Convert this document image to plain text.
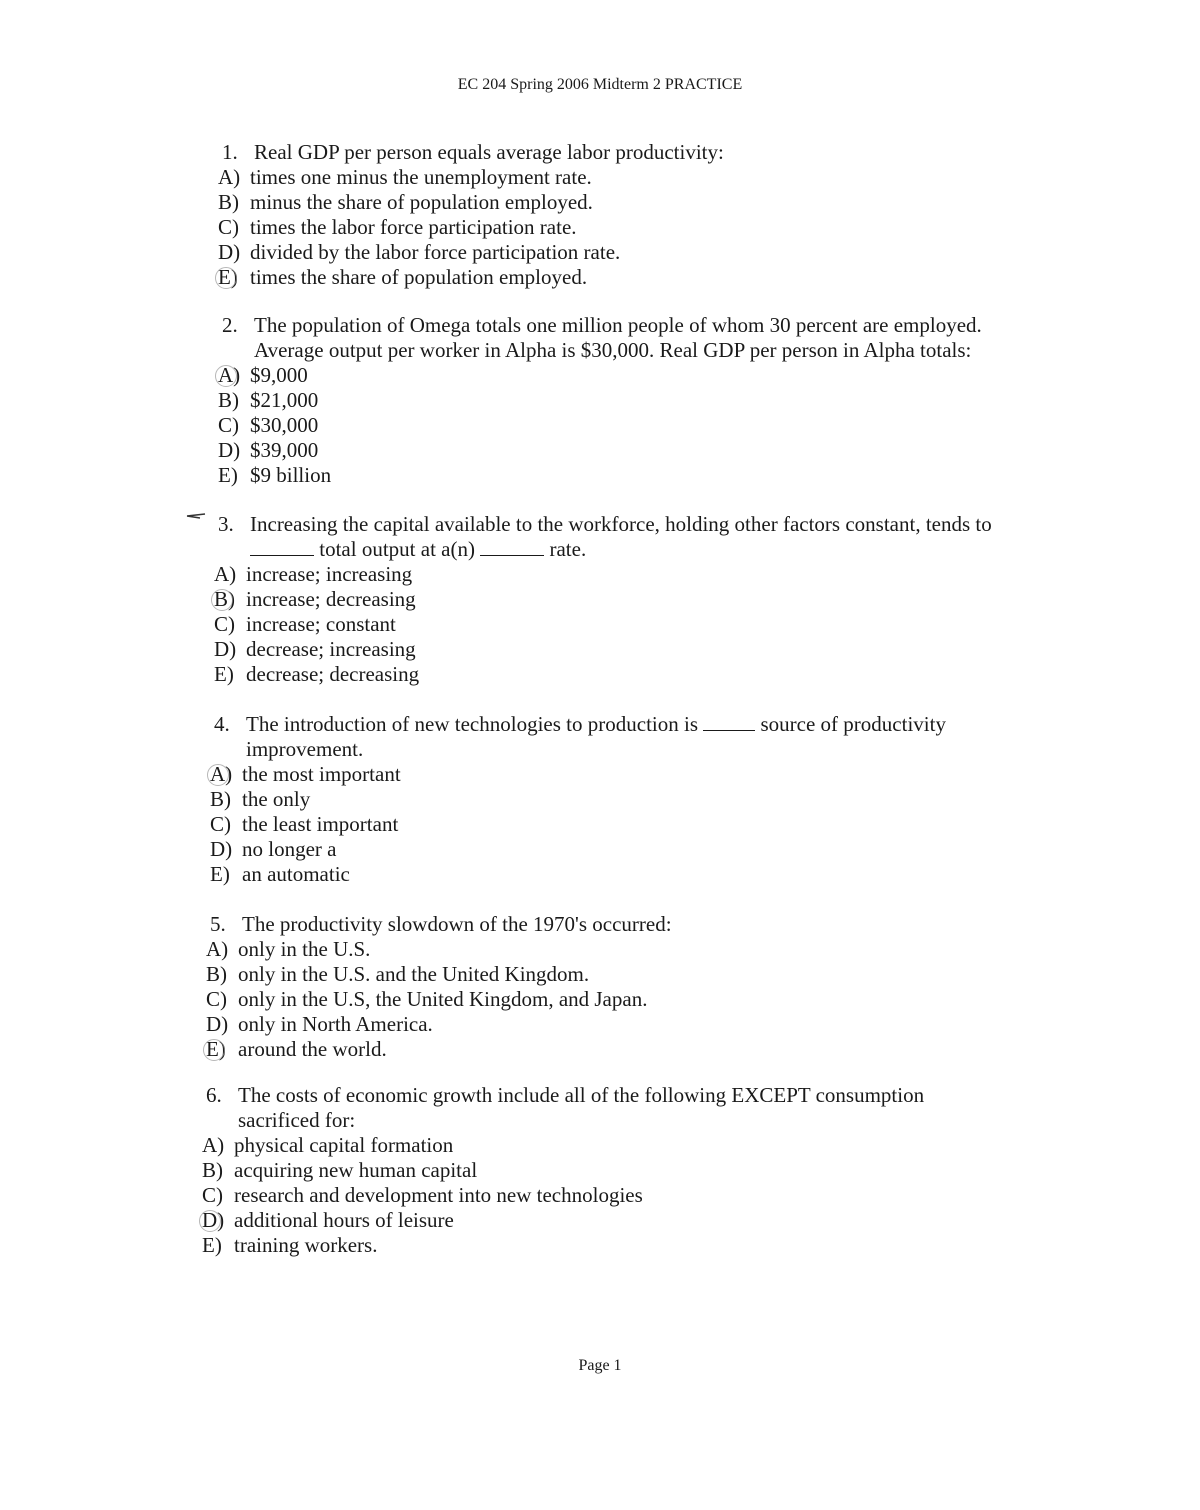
EC 204 Spring 2006 Midterm 2 PRACTICE
1. Real GDP per person equals average labor productivity:
A) times one minus the unemployment rate.
B) minus the share of population employed.
C) times the labor force participation rate.
D) divided by the labor force participation rate.
E) times the share of population employed.
2. The population of Omega totals one million people of whom 30 percent are employed.
Average output per worker in Alpha is $30,000. Real GDP per person in Alpha totals:
A) $9,000
B) $21,000
C) $30,000
D) $39,000
E) $9 billion
3. Increasing the capital available to the workforce, holding other factors constant, tends to
total output at a(n)	rate.
A) increase; increasing
B) increase; decreasing
C) increase; constant
D) decrease; increasing
E) decrease; decreasing
4. The introduction of new technologies to production is	source of productivity
improvement.
A) the most important
B) the only
C) the least important
D) no longer a
E) an automatic
5. The productivity slowdown of the 1970's occurred:
A) only in the U.S.
B) only in the U.S. and the United Kingdom.
C) only in the U.S, the United Kingdom, and Japan.
D) only in North America.
E) around the world.
6. The costs of economic growth include all of the following EXCEPT consumption
sacrificed for:
A) physical capital formation
B) acquiring new human capital
C) research and development into new technologies
D) additional hours of leisure
E) training workers.
Page 1
